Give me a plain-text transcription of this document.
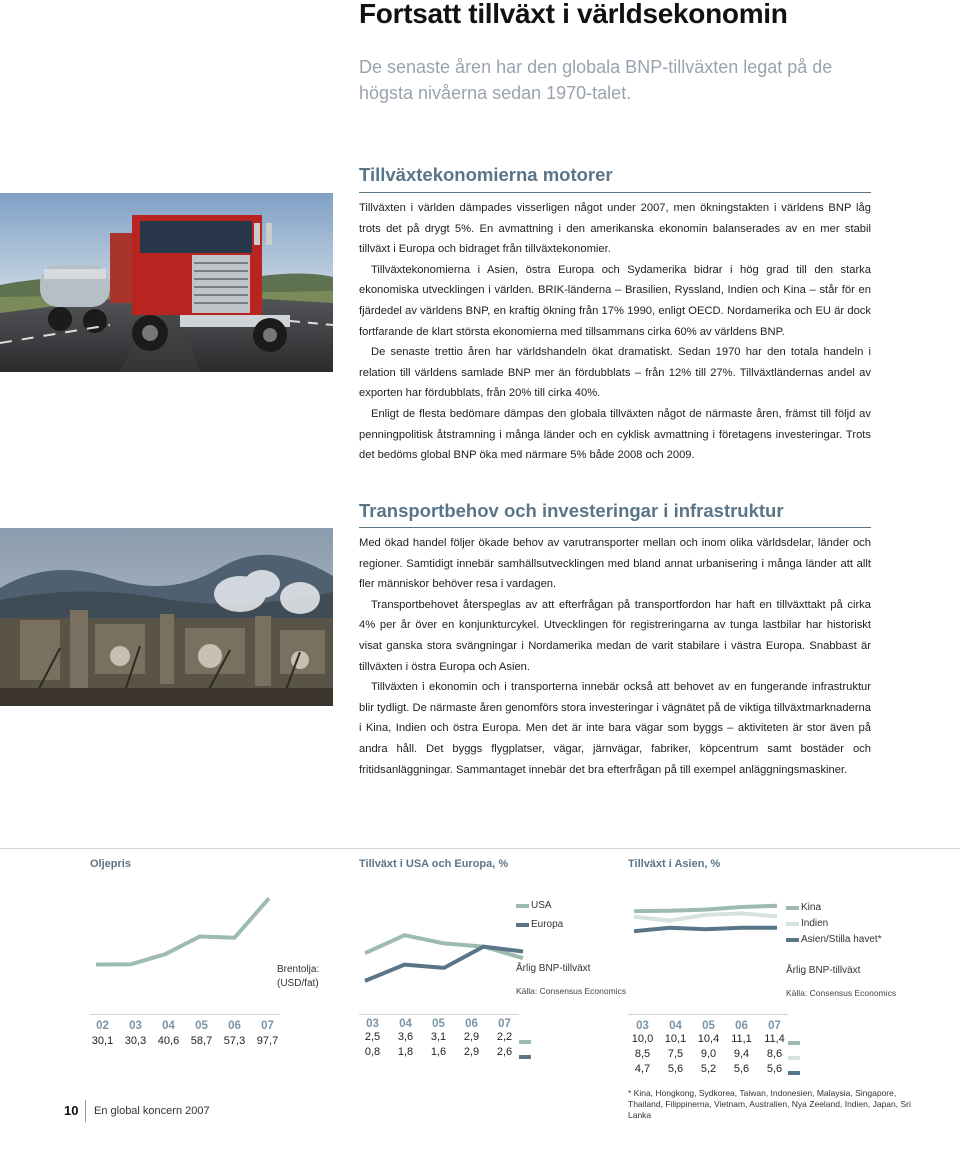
Fortsatt tillväxt i världsekonomin
De senaste åren har den globala BNP-tillväxten legat på de högsta nivåerna sedan 1970-talet.
Tillväxtekonomierna motorer

Tillväxten i världen dämpades visserligen något under 2007, men ökningstakten i världens BNP låg trots det på drygt 5%. En avmattning i den amerikanska ekonomin balanserades av en mer stabil tillväxt i Europa och bidraget från tillväxtekonomier.

Tillväxtekonomierna i Asien, östra Europa och Sydamerika bidrar i hög grad till den starka ekonomiska utvecklingen i världen. BRIK-länderna – Brasilien, Ryssland, Indien och Kina – står för en fjärdedel av världens BNP, en kraftig ökning från 17% 1990, enligt OECD. Nordamerika och EU är dock fortfarande de klart största ekonomierna med tillsammans cirka 60% av världens BNP.

De senaste trettio åren har världshandeln ökat dramatiskt. Sedan 1970 har den totala handeln i relation till världens samlade BNP mer än fördubblats – från 12% till 27%. Tillväxtländernas andel av exporten har fördubblats, från 20% till cirka 40%.

Enligt de flesta bedömare dämpas den globala tillväxten något de närmaste åren, främst till följd av penningpolitisk åtstramning i många länder och en cyklisk avmattning i företagens investeringar. Trots det bedöms global BNP öka med närmare 5% både 2008 och 2009.

Transportbehov och investeringar i infrastruktur

Med ökad handel följer ökade behov av varutransporter mellan och inom olika världsdelar, länder och regioner. Samtidigt innebär samhällsutvecklingen med bland annat urbanisering i många länder att allt fler människor behöver resa i vardagen.

Transportbehovet återspeglas av att efterfrågan på transportfordon har haft en tillväxttakt på cirka 4% per år över en konjunkturcykel. Utvecklingen för registreringarna av tunga lastbilar har historiskt visat ganska stora svängningar i Nordamerika medan de varit stabilare i västra Europa. Snabbast är tillväxten i östra Europa och Asien.

Tillväxten i ekonomin och i transporterna innebär också att behovet av en fungerande infrastruktur blir tydligt. De närmaste åren genomförs stora investeringar i vägnätet på de viktiga tillväxtmarknaderna i Kina, Indien och östra Europa. Men det är inte bara vägar som byggs – aktiviteten är stor även på andra håll. Det byggs flygplatser, vägar, järnvägar, fabriker, köpcentrum samt bostäder och fritidsanläggningar. Sammantaget innebär det bra efterfrågan på till exempel anläggningsmaskiner.

Oljepris
Brentolja: (USD/fat)
02	03	04	05	06	07
30,1	30,3	40,6	58,7	57,3	97,7
Tillväxt i USA och Europa, %
USA
Europa
Årlig BNP-tillväxt
Källa: Consensus Economics
03	04	05	06	07
2,5	3,6	3,1	2,9	2,2
0,8	1,8	1,6	2,9	2,6
Tillväxt i Asien, %
Kina
Indien
Asien/Stilla havet*
Årlig BNP-tillväxt
Källa: Consensus Economics
03	04	05	06	07
10,0	10,1	10,4	11,1	11,4
8,5	7,5	9,0	9,4	8,6
4,7	5,6	5,2	5,6	5,6
* Kina, Hongkong, Sydkorea, Taiwan, Indonesien, Malaysia, Singapore, Thailand, Filippinerna, Vietnam, Australien, Nya Zeeland, Indien, Japan, Sri Lanka
10 En global koncern 2007
